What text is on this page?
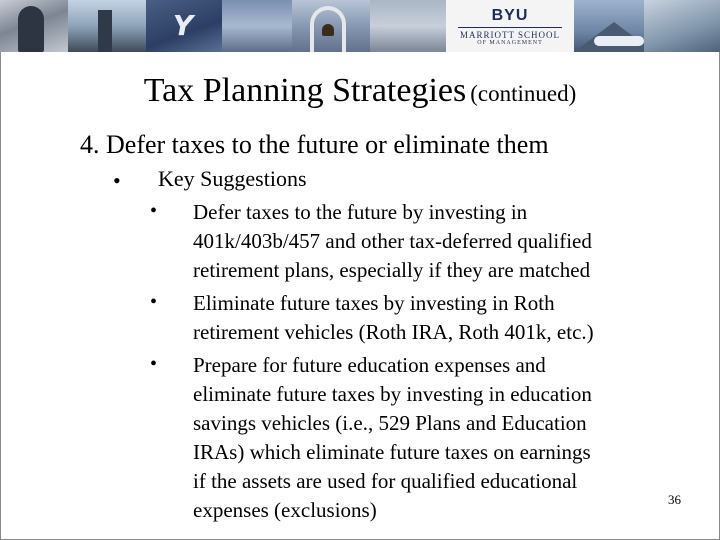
Y	BYU
MARRIOTT SCHOOL
OF MANAGEMENT
Tax Planning Strategies (continued)
4. Defer taxes to the future or eliminate them
• Key Suggestions
• Defer taxes to the future by investing in
401k/403b/457 and other tax-deferred qualified
retirement plans, especially if they are matched
• Eliminate future taxes by investing in Roth
retirement vehicles (Roth IRA, Roth 401k, etc.)
• Prepare for future education expenses and
eliminate future taxes by investing in education
savings vehicles (i.e., 529 Plans and Education
IRAs) which eliminate future taxes on earnings
if the assets are used for qualified educational
expenses (exclusions)	36
